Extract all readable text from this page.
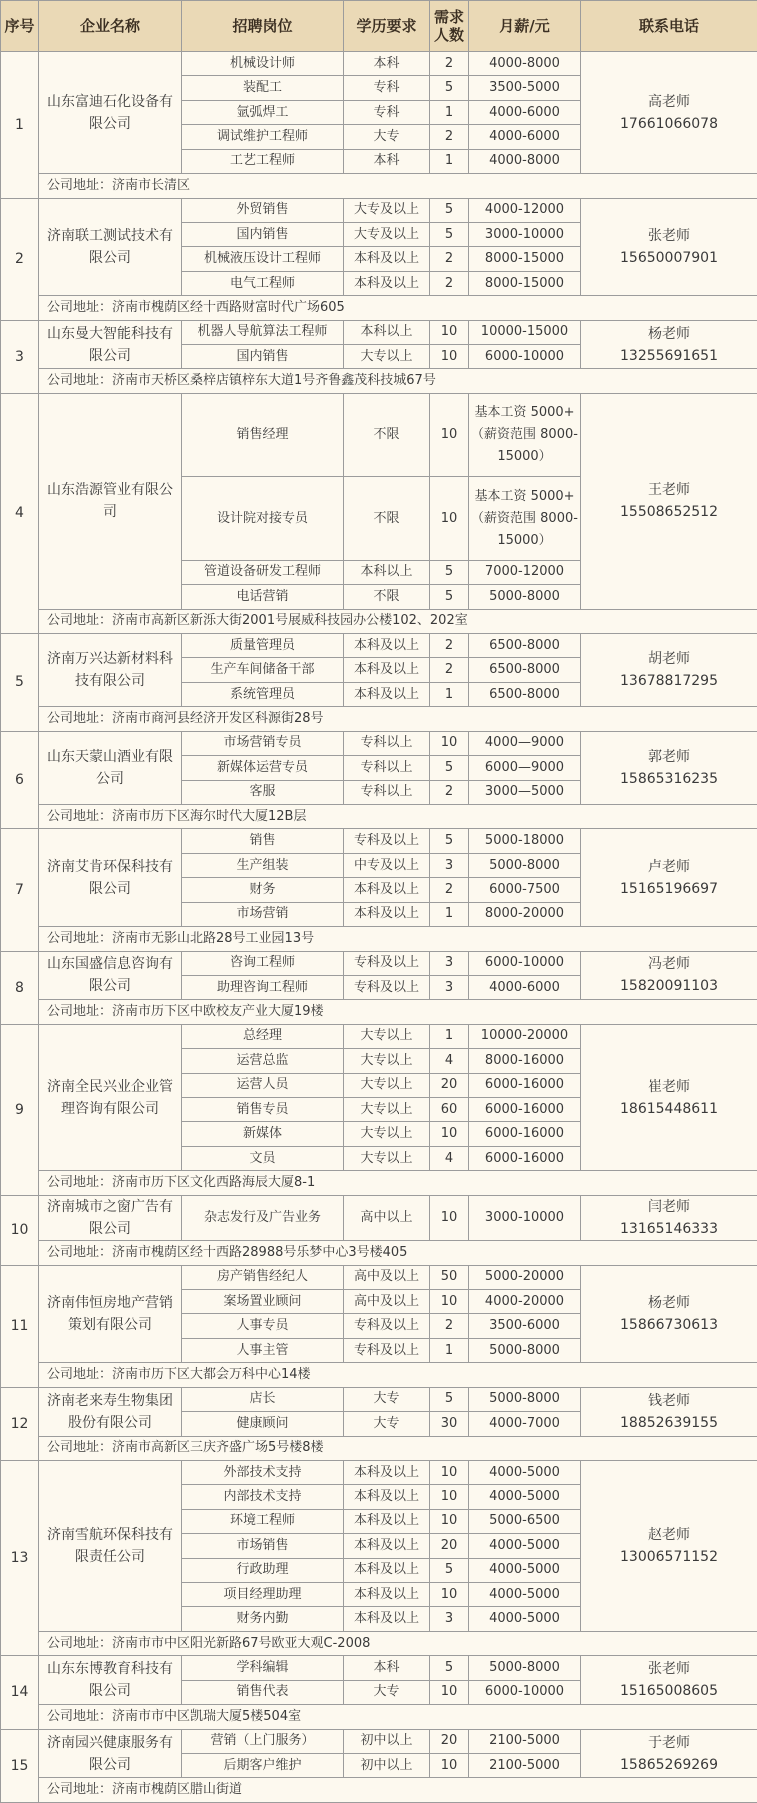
序号	企业名称	招聘岗位	学历要求	需求人数	月薪/元	联系电话
1	山东富迪石化设备有限公司	机械设计师	本科	2	4000-8000	高老师
17661066078

		装配工	专科	5	3500-5000	
		氩弧焊工	专科	1	4000-6000	
		调试维护工程师	大专	2	4000-6000	
		工艺工程师	本科	1	4000-8000	
	公司地址：济南市长清区					
2	济南联工测试技术有限公司	外贸销售	大专及以上	5	4000-12000	张老师
15650007901

		国内销售	大专及以上	5	3000-10000	
		机械液压设计工程师	本科及以上	2	8000-15000	
		电气工程师	本科及以上	2	8000-15000	
	公司地址：济南市槐荫区经十西路财富时代广场605					
3	山东曼大智能科技有限公司	机器人导航算法工程师	本科以上	10	10000-15000	杨老师
13255691651

		国内销售	大专以上	10	6000-10000	
	公司地址：济南市天桥区桑梓店镇梓东大道1号齐鲁鑫茂科技城67号					
4	山东浩源管业有限公司	销售经理	不限	10	基本工资 5000+ （薪资范围 8000-15000）	王老师
15508652512

		设计院对接专员	不限	10	基本工资 5000+ （薪资范围 8000-15000）	
		管道设备研发工程师	本科以上	5	7000-12000	
		电话营销	不限	5	5000-8000	
	公司地址：济南市高新区新泺大街2001号展威科技园办公楼102、202室					
5	济南万兴达新材料科技有限公司	质量管理员	本科及以上	2	6500-8000	胡老师
13678817295

		生产车间储备干部	本科及以上	2	6500-8000	
		系统管理员	本科及以上	1	6500-8000	
	公司地址：济南市商河县经济开发区科源街28号					
6	山东天蒙山酒业有限公司	市场营销专员	专科以上	10	4000—9000	郭老师
15865316235

		新媒体运营专员	专科以上	5	6000—9000	
		客服	专科以上	2	3000—5000	
	公司地址：济南市历下区海尔时代大厦12B层					
7	济南艾肯环保科技有限公司	销售	专科及以上	5	5000-18000	卢老师
15165196697

		生产组装	中专及以上	3	5000-8000	
		财务	本科及以上	2	6000-7500	
		市场营销	本科及以上	1	8000-20000	
	公司地址：济南市无影山北路28号工业园13号					
8	山东国盛信息咨询有限公司	咨询工程师	专科及以上	3	6000-10000	冯老师
15820091103

		助理咨询工程师	专科及以上	3	4000-6000	
	公司地址：济南市历下区中欧校友产业大厦19楼					
9	济南全民兴业企业管理咨询有限公司	总经理	大专以上	1	10000-20000	崔老师
18615448611

		运营总监	大专以上	4	8000-16000	
		运营人员	大专以上	20	6000-16000	
		销售专员	大专以上	60	6000-16000	
		新媒体	大专以上	10	6000-16000	
		文员	大专以上	4	6000-16000	
	公司地址：济南市历下区文化西路海辰大厦8-1					
10	济南城市之窗广告有限公司	杂志发行及广告业务	高中以上	10	3000-10000	闫老师
13165146333

	公司地址：济南市槐荫区经十西路28988号乐梦中心3号楼405					
11	济南伟恒房地产营销策划有限公司	房产销售经纪人	高中及以上	50	5000-20000	杨老师
15866730613

		案场置业顾问	高中及以上	10	4000-20000	
		人事专员	专科及以上	2	3500-6000	
		人事主管	专科及以上	1	5000-8000	
	公司地址：济南市历下区大都会万科中心14楼					
12	济南老来寿生物集团股份有限公司	店长	大专	5	5000-8000	钱老师
18852639155

		健康顾问	大专	30	4000-7000	
	公司地址：济南市高新区三庆齐盛广场5号楼8楼					
13	济南雪航环保科技有限责任公司	外部技术支持	本科及以上	10	4000-5000	赵老师
13006571152

		内部技术支持	本科及以上	10	4000-5000	
		环境工程师	本科及以上	10	5000-6500	
		市场销售	本科及以上	20	4000-5000	
		行政助理	本科及以上	5	4000-5000	
		项目经理助理	本科及以上	10	4000-5000	
		财务内勤	本科及以上	3	4000-5000	
	公司地址：济南市市中区阳光新路67号欧亚大观C-2008					
14	山东东博教育科技有限公司	学科编辑	本科	5	5000-8000	张老师
15165008605

		销售代表	大专	10	6000-10000	
	公司地址：济南市市中区凯瑞大厦5楼504室					
15	济南园兴健康服务有限公司	营销（上门服务）	初中以上	20	2100-5000	于老师
15865269269

		后期客户维护	初中以上	10	2100-5000	
	公司地址：济南市槐荫区腊山街道					
